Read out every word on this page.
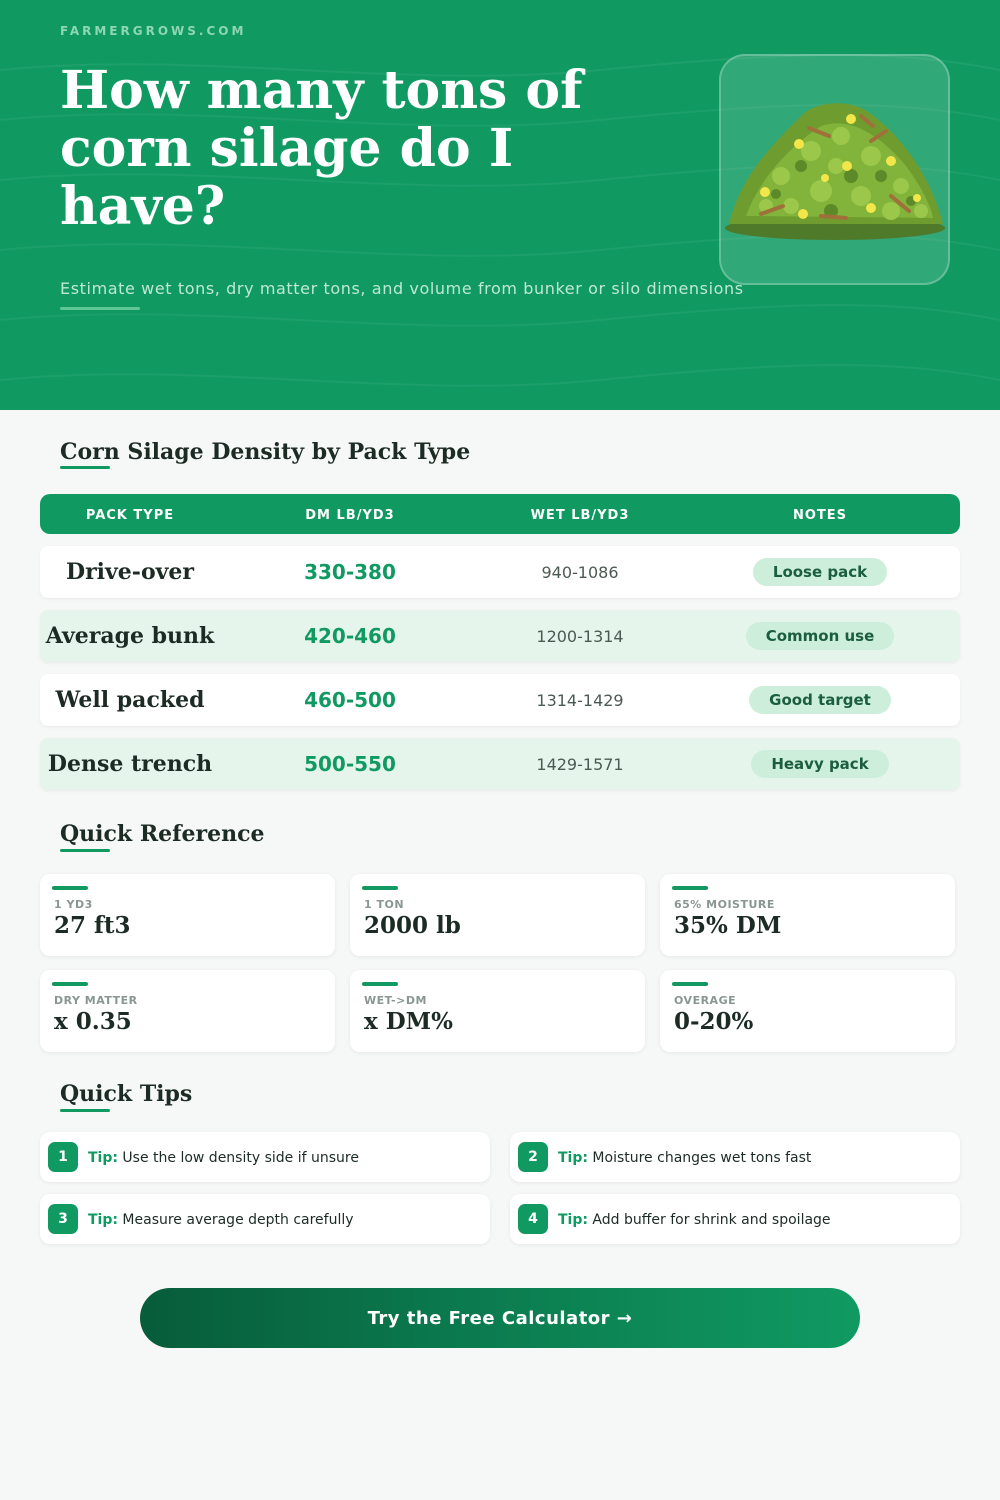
FARMERGROWS.COM
How many tons of corn silage do I have?
Estimate wet tons, dry matter tons, and volume from bunker or silo dimensions
Corn Silage Density by Pack Type
PACK TYPE	DM LB/YD3	WET LB/YD3	NOTES
Drive-over	330-380	940-1086	Loose pack
Average bunk	420-460	1200-1314	Common use
Well packed	460-500	1314-1429	Good target
Dense trench	500-550	1429-1571	Heavy pack
Quick Reference
1 YD3
27 ft3
1 TON
2000 lb
65% MOISTURE
35% DM
DRY MATTER
x 0.35
WET->DM
x DM%
OVERAGE
0-20%
Quick Tips
1	Tip: Use the low density side if unsure	2	Tip: Moisture changes wet tons fast
3	Tip: Measure average depth carefully	4	Tip: Add buffer for shrink and spoilage
Try the Free Calculator →
